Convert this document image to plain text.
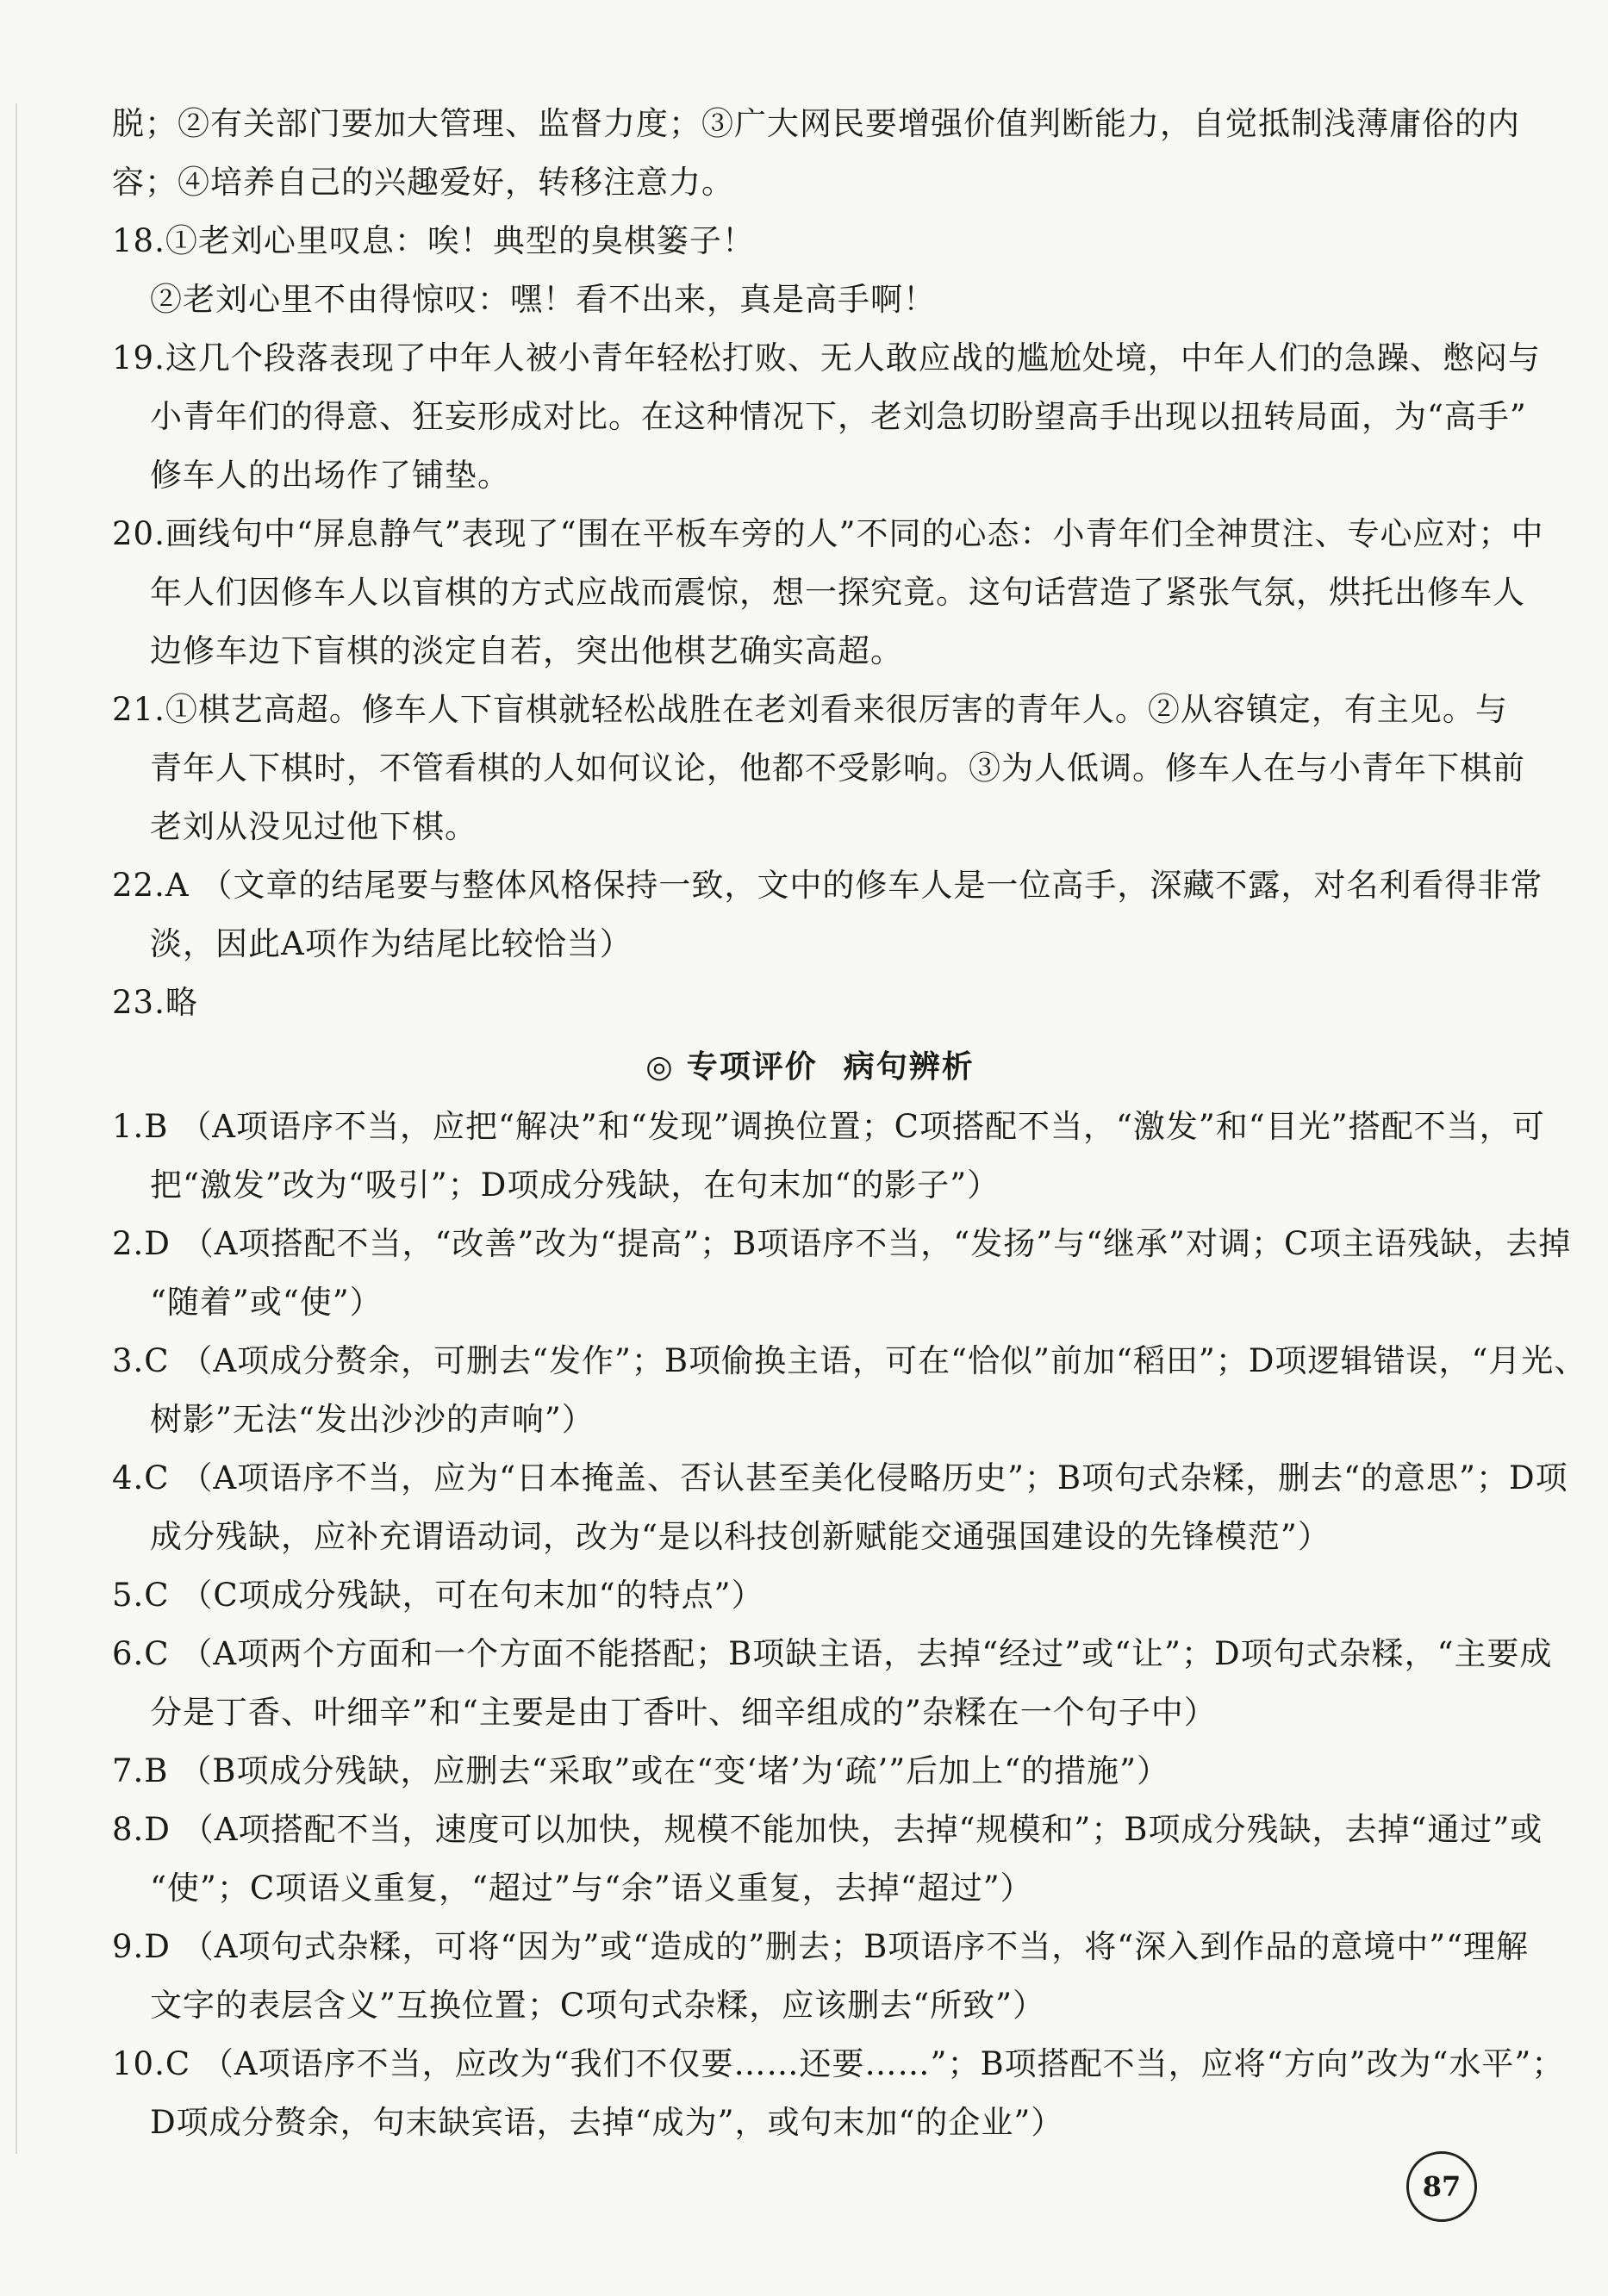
脱；②有关部门要加大管理、监督力度；③广大网民要增强价值判断能力，自觉抵制浅薄庸俗的内
容；④培养自己的兴趣爱好，转移注意力。
18.①老刘心里叹息：唉！典型的臭棋篓子！
②老刘心里不由得惊叹：嘿！看不出来，真是高手啊！
19.这几个段落表现了中年人被小青年轻松打败、无人敢应战的尴尬处境，中年人们的急躁、憋闷与
小青年们的得意、狂妄形成对比。在这种情况下，老刘急切盼望高手出现以扭转局面，为“高手”
修车人的出场作了铺垫。
20.画线句中“屏息静气”表现了“围在平板车旁的人”不同的心态：小青年们全神贯注、专心应对；中
年人们因修车人以盲棋的方式应战而震惊，想一探究竟。这句话营造了紧张气氛，烘托出修车人
边修车边下盲棋的淡定自若，突出他棋艺确实高超。
21.①棋艺高超。修车人下盲棋就轻松战胜在老刘看来很厉害的青年人。②从容镇定，有主见。与
青年人下棋时，不管看棋的人如何议论，他都不受影响。③为人低调。修车人在与小青年下棋前
老刘从没见过他下棋。
22.A （文章的结尾要与整体风格保持一致，文中的修车人是一位高手，深藏不露，对名利看得非常
淡，因此A项作为结尾比较恰当）
23.略
◎ 专项评价 病句辨析
1.B （A项语序不当，应把“解决”和“发现”调换位置；C项搭配不当，“激发”和“目光”搭配不当，可
把“激发”改为“吸引”；D项成分残缺，在句末加“的影子”）
2.D （A项搭配不当，“改善”改为“提高”；B项语序不当，“发扬”与“继承”对调；C项主语残缺，去掉
“随着”或“使”）
3.C （A项成分赘余，可删去“发作”；B项偷换主语，可在“恰似”前加“稻田”；D项逻辑错误，“月光、
树影”无法“发出沙沙的声响”）
4.C （A项语序不当，应为“日本掩盖、否认甚至美化侵略历史”；B项句式杂糅，删去“的意思”；D项
成分残缺，应补充谓语动词，改为“是以科技创新赋能交通强国建设的先锋模范”）
5.C （C项成分残缺，可在句末加“的特点”）
6.C （A项两个方面和一个方面不能搭配；B项缺主语，去掉“经过”或“让”；D项句式杂糅，“主要成
分是丁香、叶细辛”和“主要是由丁香叶、细辛组成的”杂糅在一个句子中）
7.B （B项成分残缺，应删去“采取”或在“变‘堵’为‘疏’”后加上“的措施”）
8.D （A项搭配不当，速度可以加快，规模不能加快，去掉“规模和”；B项成分残缺，去掉“通过”或
“使”；C项语义重复，“超过”与“余”语义重复，去掉“超过”）
9.D （A项句式杂糅，可将“因为”或“造成的”删去；B项语序不当，将“深入到作品的意境中”“理解
文字的表层含义”互换位置；C项句式杂糅，应该删去“所致”）
10.C （A项语序不当，应改为“我们不仅要……还要……”；B项搭配不当，应将“方向”改为“水平”；
D项成分赘余，句末缺宾语，去掉“成为”，或句末加“的企业”）
87
